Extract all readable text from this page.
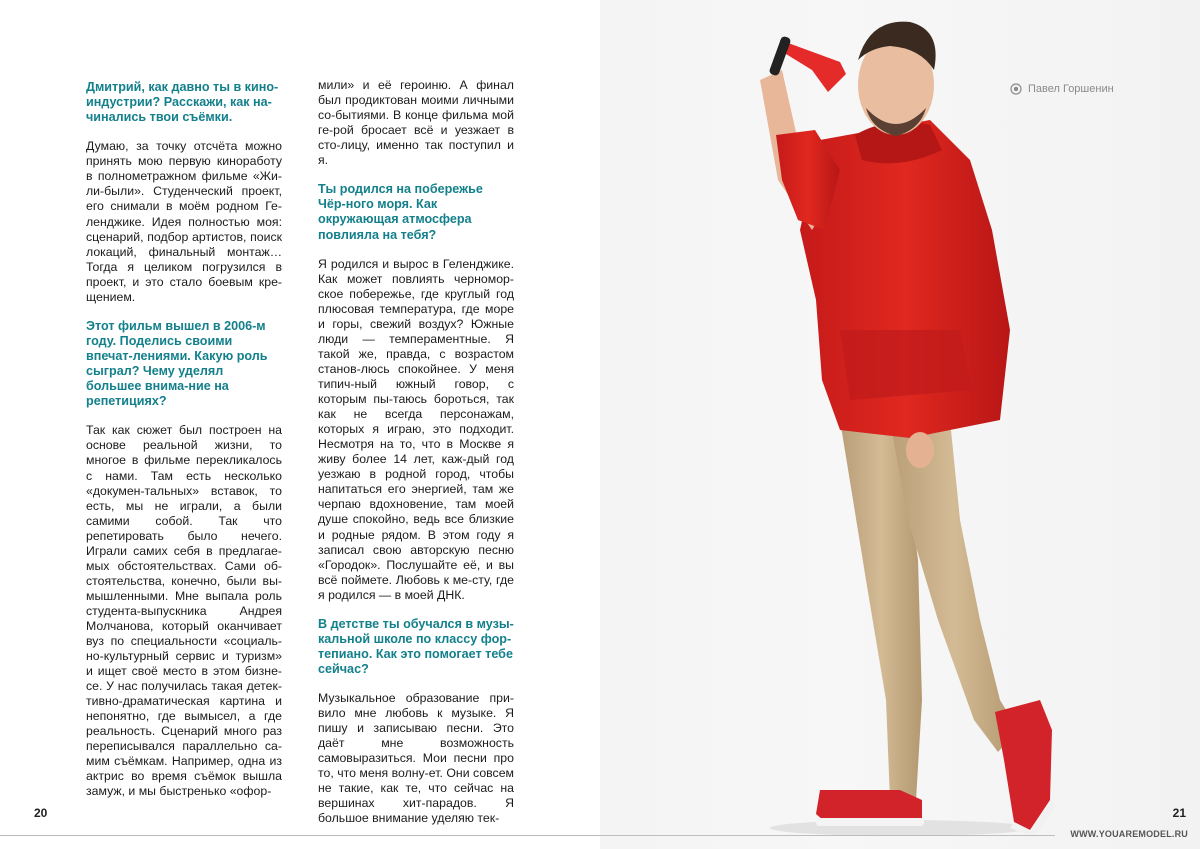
Дмитрий, как давно ты в кино-индустрии? Расскажи, как на-чинались твои съёмки.
Думаю, за точку отсчёта можно принять мою первую киноработу в полнометражном фильме «Жи-ли-были». Студенческий проект, его снимали в моём родном Ге-ленджике. Идея полностью моя: сценарий, подбор артистов, поиск локаций, финальный монтаж… Тогда я целиком погрузился в проект, и это стало боевым кре-щением.
Этот фильм вышел в 2006-м году. Поделись своими впечат-лениями. Какую роль сыграл? Чему уделял большее внима-ние на репетициях?
Так как сюжет был построен на основе реальной жизни, то многое в фильме перекликалось с нами. Там есть несколько «докумен-тальных» вставок, то есть, мы не играли, а были самими собой. Так что репетировать было нечего. Играли самих себя в предлагае-мых обстоятельствах. Сами об-стоятельства, конечно, были вы-мышленными. Мне выпала роль студента-выпускника Андрея Молчанова, который оканчивает вуз по специальности «социаль-но-культурный сервис и туризм» и ищет своё место в этом бизне-се. У нас получилась такая детек-тивно-драматическая картина и непонятно, где вымысел, а где реальность. Сценарий много раз переписывался параллельно са-мим съёмкам. Например, одна из актрис во время съёмок вышла замуж, и мы быстренько «офор-
мили» и её героиню. А финал был продиктован моими личными со-бытиями. В конце фильма мой ге-рой бросает всё и уезжает в сто-лицу, именно так поступил и я.
Ты родился на побережье Чёр-ного моря. Как окружающая атмосфера повлияла на тебя?
Я родился и вырос в Геленджике. Как может повлиять черномор-ское побережье, где круглый год плюсовая температура, где море и горы, свежий воздух? Южные люди — темпераментные. Я такой же, правда, с возрастом станов-люсь спокойнее. У меня типич-ный южный говор, с которым пы-таюсь бороться, так как не всегда персонажам, которых я играю, это подходит. Несмотря на то, что в Москве я живу более 14 лет, каж-дый год уезжаю в родной город, чтобы напитаться его энергией, там же черпаю вдохновение, там моей душе спокойно, ведь все близкие и родные рядом. В этом году я записал свою авторскую песню «Городок». Послушайте её, и вы всё поймете. Любовь к ме-сту, где я родился — в моей ДНК.
В детстве ты обучался в музы-кальной школе по классу фор-тепиано. Как это помогает тебе сейчас?
Музыкальное образование при-вило мне любовь к музыке. Я пишу и записываю песни. Это даёт мне возможность самовыразиться. Мои песни про то, что меня волну-ет. Они совсем не такие, как те, что сейчас на вершинах хит-парадов. Я большое внимание уделяю тек-
20
Павел Горшенин
21
WWW.YOUAREMODEL.RU
